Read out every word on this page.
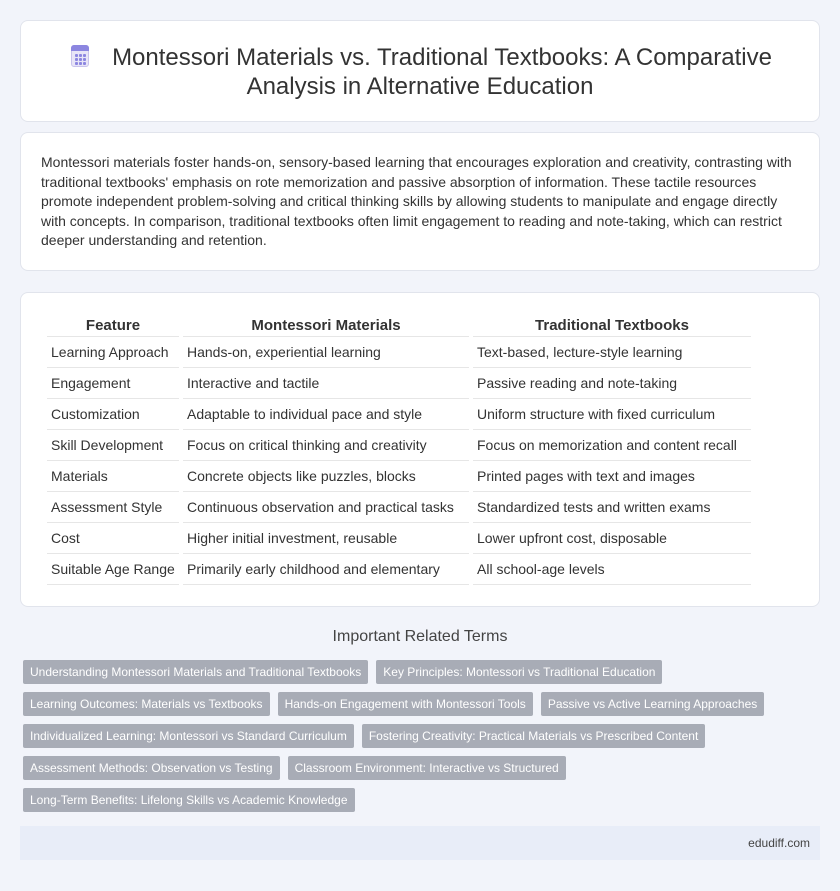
Montessori Materials vs. Traditional Textbooks: A Comparative Analysis in Alternative Education

Montessori materials foster hands-on, sensory-based learning that encourages exploration and creativity, contrasting with traditional textbooks' emphasis on rote memorization and passive absorption of information. These tactile resources promote independent problem-solving and critical thinking skills by allowing students to manipulate and engage directly with concepts. In comparison, traditional textbooks often limit engagement to reading and note-taking, which can restrict deeper understanding and retention.

Feature	Montessori Materials	Traditional Textbooks
Learning Approach	Hands-on, experiential learning	Text-based, lecture-style learning
Engagement	Interactive and tactile	Passive reading and note-taking
Customization	Adaptable to individual pace and style	Uniform structure with fixed curriculum
Skill Development	Focus on critical thinking and creativity	Focus on memorization and content recall
Materials	Concrete objects like puzzles, blocks	Printed pages with text and images
Assessment Style	Continuous observation and practical tasks	Standardized tests and written exams
Cost	Higher initial investment, reusable	Lower upfront cost, disposable
Suitable Age Range	Primarily early childhood and elementary	All school-age levels
Important Related Terms
Understanding Montessori Materials and Traditional Textbooks	Key Principles: Montessori vs Traditional Education
Learning Outcomes: Materials vs Textbooks	Hands-on Engagement with Montessori Tools	Passive vs Active Learning Approaches
Individualized Learning: Montessori vs Standard Curriculum	Fostering Creativity: Practical Materials vs Prescribed Content
Assessment Methods: Observation vs Testing	Classroom Environment: Interactive vs Structured
Long-Term Benefits: Lifelong Skills vs Academic Knowledge
edudiff.com
